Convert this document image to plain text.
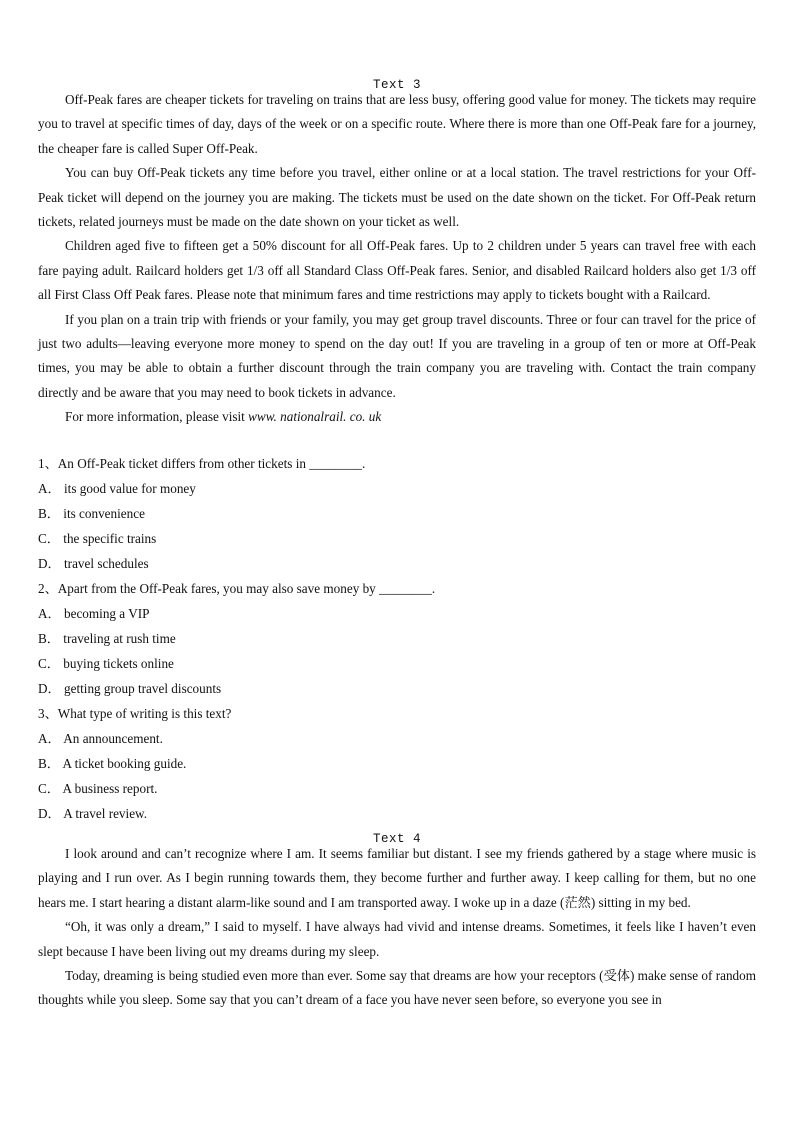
Text 3

Off-Peak fares are cheaper tickets for traveling on trains that are less busy, offering good value for money. The tickets may require you to travel at specific times of day, days of the week or on a specific route. Where there is more than one Off-Peak fare for a journey, the cheaper fare is called Super Off-Peak.

You can buy Off-Peak tickets any time before you travel, either online or at a local station. The travel restrictions for your Off-Peak ticket will depend on the journey you are making. The tickets must be used on the date shown on the ticket. For Off-Peak return tickets, related journeys must be made on the date shown on your ticket as well.

Children aged five to fifteen get a 50% discount for all Off-Peak fares. Up to 2 children under 5 years can travel free with each fare paying adult. Railcard holders get 1/3 off all Standard Class Off-Peak fares. Senior, and disabled Railcard holders also get 1/3 off all First Class Off Peak fares. Please note that minimum fares and time restrictions may apply to tickets bought with a Railcard.

If you plan on a train trip with friends or your family, you may get group travel discounts. Three or four can travel for the price of just two adults—leaving everyone more money to spend on the day out! If you are traveling in a group of ten or more at Off-Peak times, you may be able to obtain a further discount through the train company you are traveling with. Contact the train company directly and be aware that you may need to book tickets in advance.

For more information, please visit www. nationalrail. co. uk

1、An Off-Peak ticket differs from other tickets in ________.
A． its good value for money
B． its convenience
C． the specific trains
D． travel schedules
2、Apart from the Off-Peak fares, you may also save money by ________.
A． becoming a VIP
B． traveling at rush time
C． buying tickets online
D． getting group travel discounts
3、What type of writing is this text?
A． An announcement.
B． A ticket booking guide.
C． A business report.
D． A travel review.
Text 4

I look around and can’t recognize where I am. It seems familiar but distant. I see my friends gathered by a stage where music is playing and I run over. As I begin running towards them, they become further and further away. I keep calling for them, but no one hears me. I start hearing a distant alarm-like sound and I am transported away. I woke up in a daze (茫然) sitting in my bed.

“Oh, it was only a dream,” I said to myself. I have always had vivid and intense dreams. Sometimes, it feels like I haven’t even slept because I have been living out my dreams during my sleep.

Today, dreaming is being studied even more than ever. Some say that dreams are how your receptors (受体) make sense of random thoughts while you sleep. Some say that you can’t dream of a face you have never seen before, so everyone you see in
